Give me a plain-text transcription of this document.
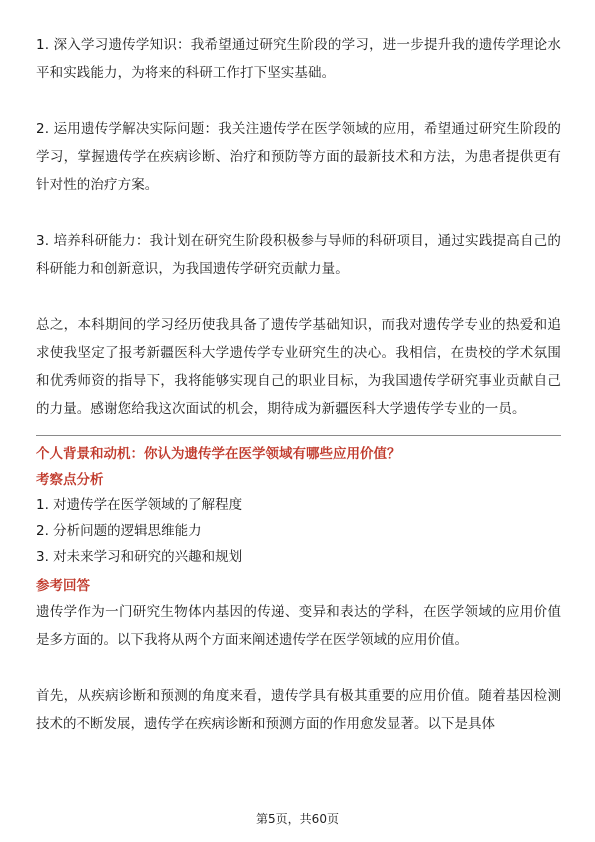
1. 深入学习遗传学知识：我希望通过研究生阶段的学习，进一步提升我的遗传学理论水平和实践能力，为将来的科研工作打下坚实基础。

2. 运用遗传学解决实际问题：我关注遗传学在医学领域的应用，希望通过研究生阶段的学习，掌握遗传学在疾病诊断、治疗和预防等方面的最新技术和方法，为患者提供更有针对性的治疗方案。

3. 培养科研能力：我计划在研究生阶段积极参与导师的科研项目，通过实践提高自己的科研能力和创新意识，为我国遗传学研究贡献力量。

总之，本科期间的学习经历使我具备了遗传学基础知识，而我对遗传学专业的热爱和追求使我坚定了报考新疆医科大学遗传学专业研究生的决心。我相信，在贵校的学术氛围和优秀师资的指导下，我将能够实现自己的职业目标，为我国遗传学研究事业贡献自己的力量。感谢您给我这次面试的机会，期待成为新疆医科大学遗传学专业的一员。

个人背景和动机：你认为遗传学在医学领域有哪些应用价值？

考察点分析

1. 对遗传学在医学领域的了解程度
2. 分析问题的逻辑思维能力
3. 对未来学习和研究的兴趣和规划

参考回答

遗传学作为一门研究生物体内基因的传递、变异和表达的学科，在医学领域的应用价值是多方面的。以下我将从两个方面来阐述遗传学在医学领域的应用价值。

首先，从疾病诊断和预测的角度来看，遗传学具有极其重要的应用价值。随着基因检测技术的不断发展，遗传学在疾病诊断和预测方面的作用愈发显著。以下是具体

第5页，共60页
